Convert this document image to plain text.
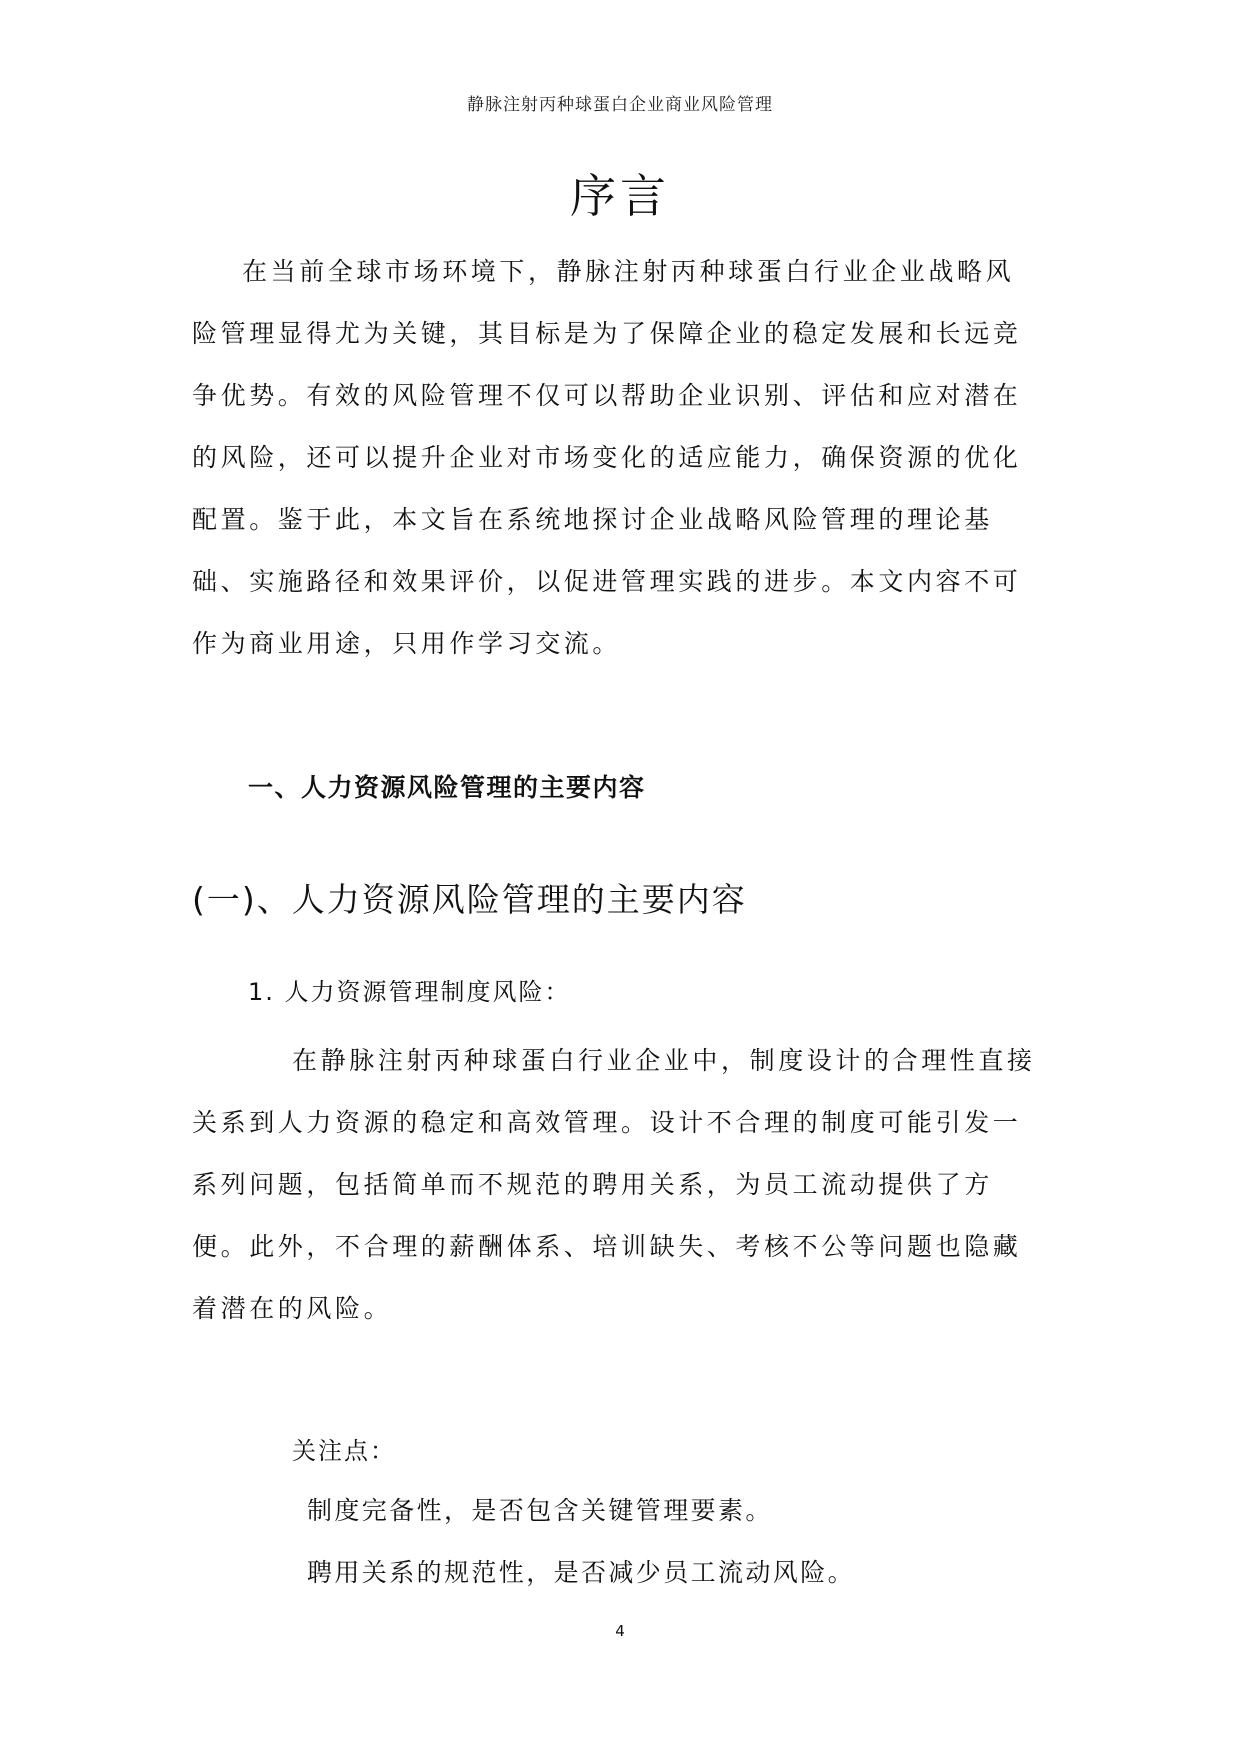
静脉注射丙种球蛋白企业商业风险管理
序言
在当前全球市场环境下，静脉注射丙种球蛋白行业企业战略风
险管理显得尤为关键，其目标是为了保障企业的稳定发展和长远竞
争优势。有效的风险管理不仅可以帮助企业识别、评估和应对潜在
的风险，还可以提升企业对市场变化的适应能力，确保资源的优化
配置。鉴于此，本文旨在系统地探讨企业战略风险管理的理论基
础、实施路径和效果评价，以促进管理实践的进步。本文内容不可
作为商业用途，只用作学习交流。
一、人力资源风险管理的主要内容
(一)、人力资源风险管理的主要内容
1. 人力资源管理制度风险：
在静脉注射丙种球蛋白行业企业中，制度设计的合理性直接
关系到人力资源的稳定和高效管理。设计不合理的制度可能引发一
系列问题，包括简单而不规范的聘用关系，为员工流动提供了方
便。此外，不合理的薪酬体系、培训缺失、考核不公等问题也隐藏
着潜在的风险。
关注点：
制度完备性，是否包含关键管理要素。
聘用关系的规范性，是否减少员工流动风险。
4
